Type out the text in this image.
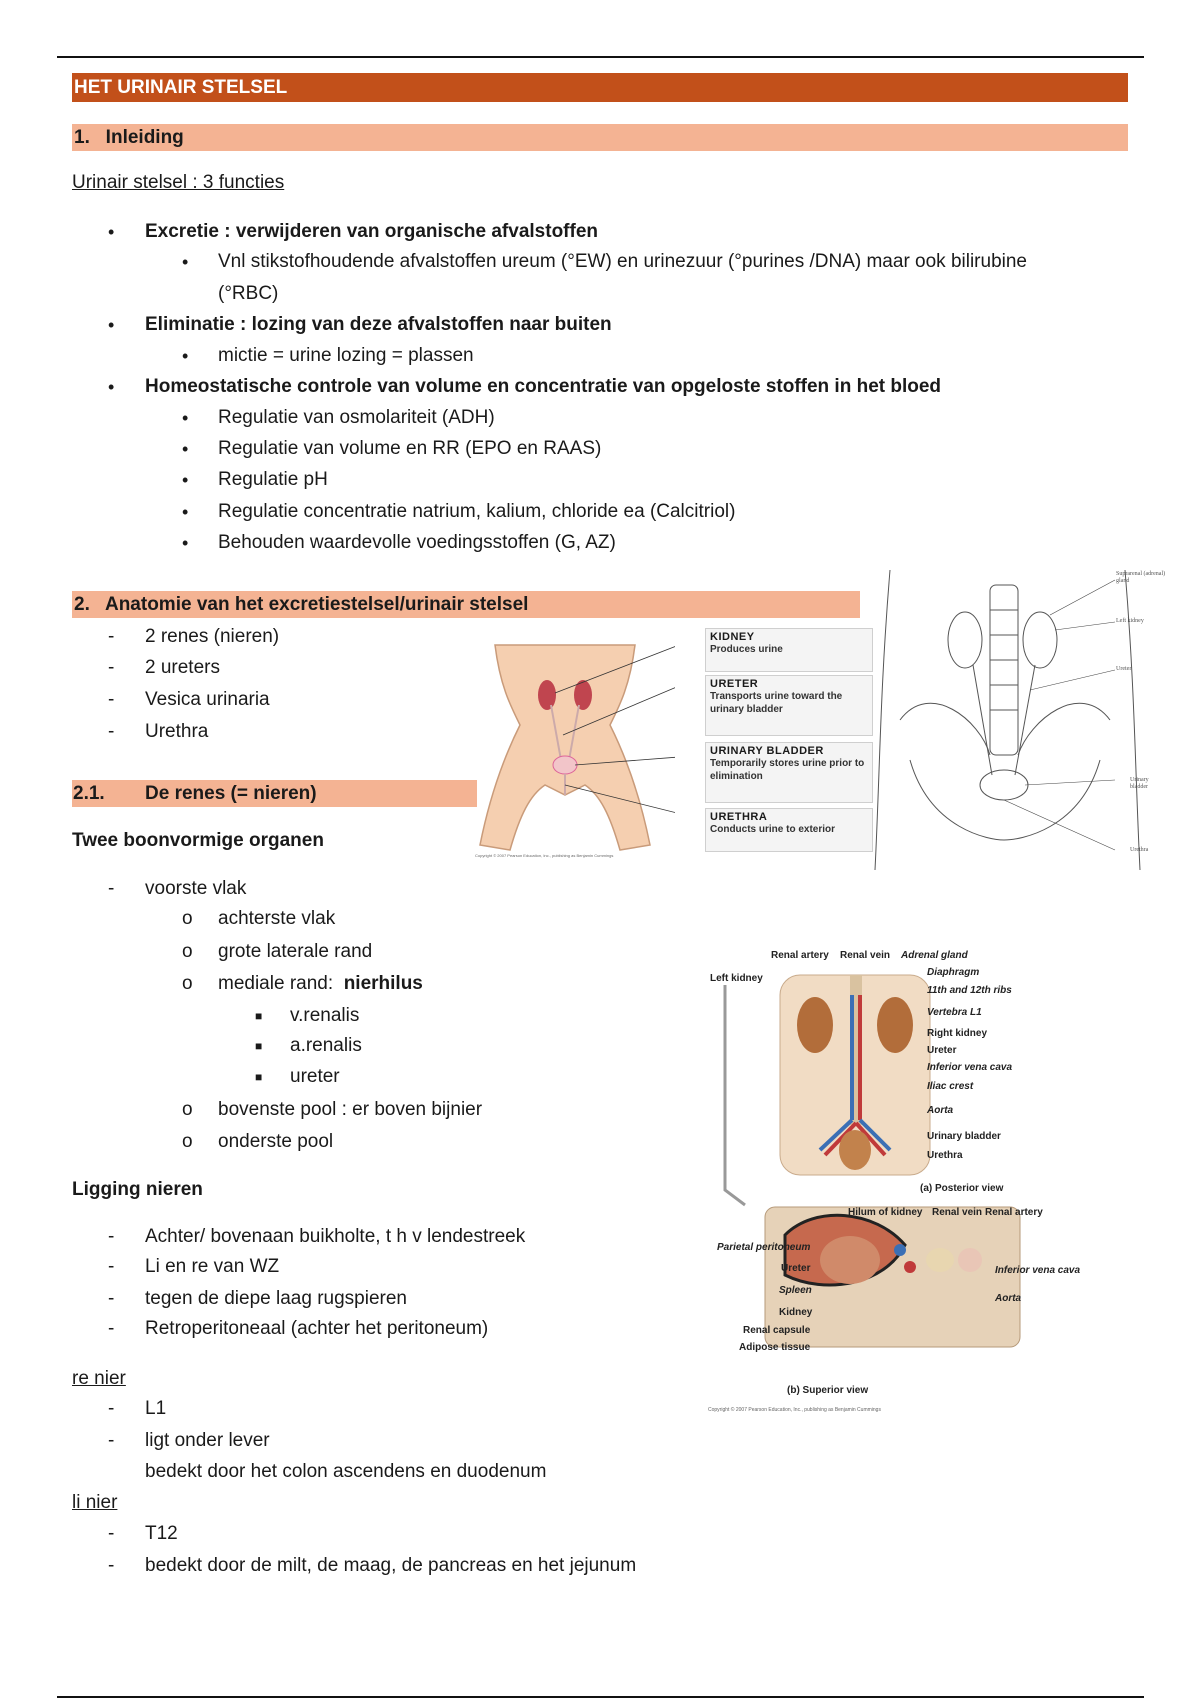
HET URINAIR STELSEL
1.   Inleiding
Urinair stelsel : 3 functies
• Excretie : verwijderen van organische afvalstoffen
• Vnl stikstofhoudende afvalstoffen ureum (°EW) en urinezuur (°purines /DNA) maar ook bilirubine
(°RBC)
• Eliminatie : lozing van deze afvalstoffen naar buiten
• mictie = urine lozing = plassen
• Homeostatische controle van volume en concentratie van opgeloste stoffen in het bloed
• Regulatie van osmolariteit (ADH)
• Regulatie van volume en RR (EPO en RAAS)
• Regulatie pH
• Regulatie concentratie natrium, kalium, chloride ea (Calcitriol)
• Behouden waardevolle voedingsstoffen (G, AZ)
2.   Anatomie van het excretiestelsel/urinair stelsel
- 2 renes (nieren)
- 2 ureters
- Vesica urinaria
- Urethra
2.1. De renes (= nieren)
Twee boonvormige organen
- voorste vlak
o achterste vlak
o grote laterale rand
o mediale rand: nierhilus
■ v.renalis
■ a.renalis
■ ureter
o bovenste pool : er boven bijnier
o onderste pool
Ligging nieren
- Achter/ bovenaan buikholte, t h v lendestreek
- Li en re van WZ
- tegen de diepe laag rugspieren
- Retroperitoneaal (achter het peritoneum)
re nier
- L1
- ligt onder lever
bedekt door het colon ascendens en duodenum
li nier
- T12
- bedekt door de milt, de maag, de pancreas en het jejunum
KIDNEY
Produces urine
URETER
Transports urine toward the urinary bladder
URINARY BLADDER
Temporarily stores urine prior to elimination
URETHRA
Conducts urine to exterior
Copyright © 2007 Pearson Education, Inc., publishing as Benjamin Cummings
Suprarenal (adrenal) gland
Left kidney
Ureter
Urinary bladder
Urethra
Renal artery Renal vein Adrenal gland
Left kidney
Diaphragm
11th and 12th ribs
Vertebra L1
Right kidney
Ureter
Inferior vena cava
Iliac crest
Aorta
Urinary bladder
Urethra
(a) Posterior view
Hilum of kidney Renal vein Renal artery
Parietal peritoneum
Ureter
Spleen
Kidney
Renal capsule
Adipose tissue
Inferior vena cava
Aorta
(b) Superior view
Copyright © 2007 Pearson Education, Inc., publishing as Benjamin Cummings
